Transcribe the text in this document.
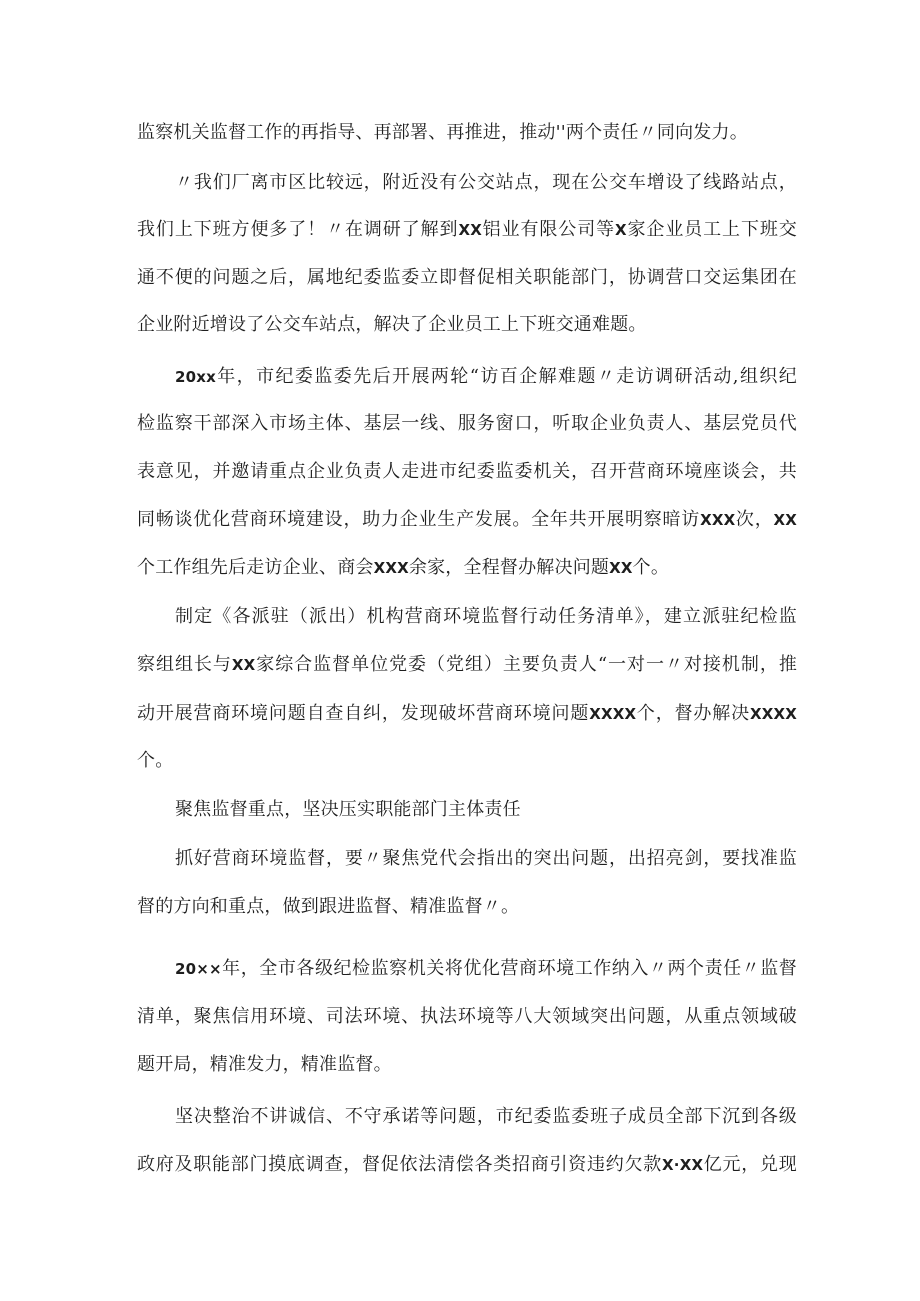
监察机关监督工作的再指导、再部署、再推进，推动''两个责任〃同向发力。
〃我们厂离市区比较远，附近没有公交站点，现在公交车增设了线路站点，
我们上下班方便多了！〃在调研了解到XX铝业有限公司等X家企业员工上下班交
通不便的问题之后，属地纪委监委立即督促相关职能部门，协调营口交运集团在
企业附近增设了公交车站点，解决了企业员工上下班交通难题。
20xx年，市纪委监委先后开展两轮“访百企解难题〃走访调研活动,组织纪
检监察干部深入市场主体、基层一线、服务窗口，听取企业负责人、基层党员代
表意见，并邀请重点企业负责人走进市纪委监委机关，召开营商环境座谈会，共
同畅谈优化营商环境建设，助力企业生产发展。全年共开展明察暗访XXX次，XX
个工作组先后走访企业、商会XXX余家，全程督办解决问题XX个。
制定《各派驻（派出）机构营商环境监督行动任务清单》，建立派驻纪检监
察组组长与XX家综合监督单位党委（党组）主要负责人“一对一〃对接机制，推
动开展营商环境问题自查自纠，发现破坏营商环境问题XXXX个，督办解决XXXX
个。
聚焦监督重点，坚决压实职能部门主体责任
抓好营商环境监督，要〃聚焦党代会指出的突出问题，出招亮剑，要找准监
督的方向和重点，做到跟进监督、精准监督〃。
20××年，全市各级纪检监察机关将优化营商环境工作纳入〃两个责任〃监督
清单，聚焦信用环境、司法环境、执法环境等八大领域突出问题，从重点领域破
题开局，精准发力，精准监督。
坚决整治不讲诚信、不守承诺等问题，市纪委监委班子成员全部下沉到各级
政府及职能部门摸底调查，督促依法清偿各类招商引资违约欠款X·XX亿元，兑现
